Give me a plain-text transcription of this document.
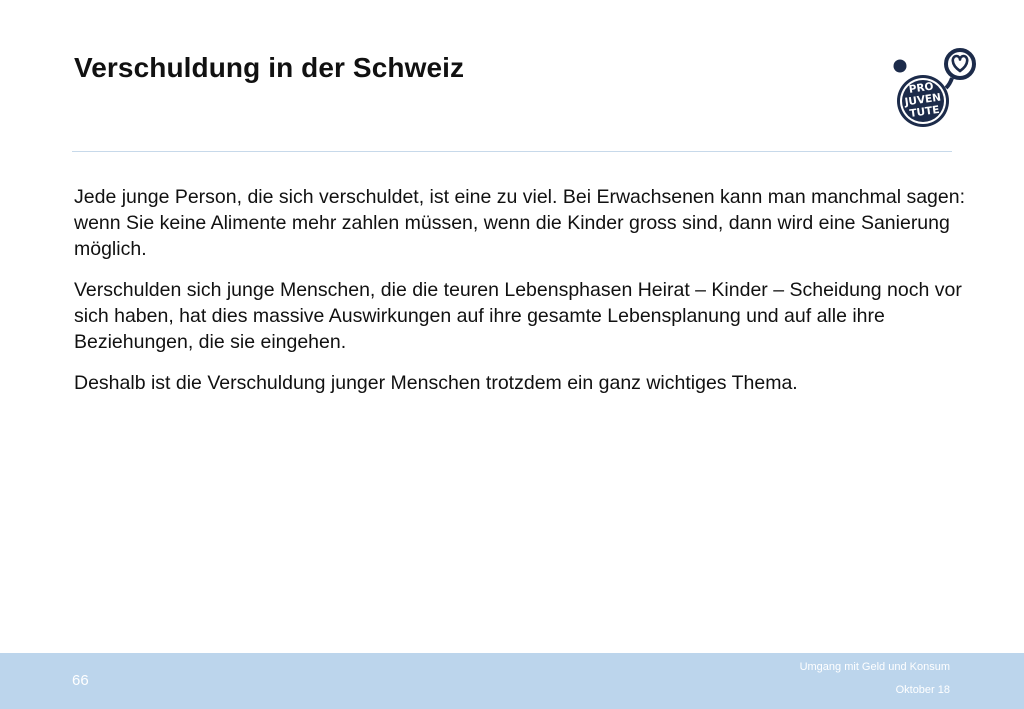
Verschuldung in der Schweiz
PRO
JUVEN
TUTE

Jede junge Person, die sich verschuldet, ist eine zu viel. Bei Erwachsenen kann man manchmal sagen: wenn Sie keine Alimente mehr zahlen müssen, wenn die Kinder gross sind, dann wird eine Sanierung möglich.

Verschulden sich junge Menschen, die die teuren Lebensphasen Heirat – Kinder – Scheidung noch vor sich haben, hat dies massive Auswirkungen auf ihre gesamte Lebensplanung und auf alle ihre Beziehungen, die sie eingehen.

Deshalb ist die Verschuldung junger Menschen trotzdem ein ganz wichtiges Thema.

66
Umgang mit Geld und Konsum
Oktober 18
